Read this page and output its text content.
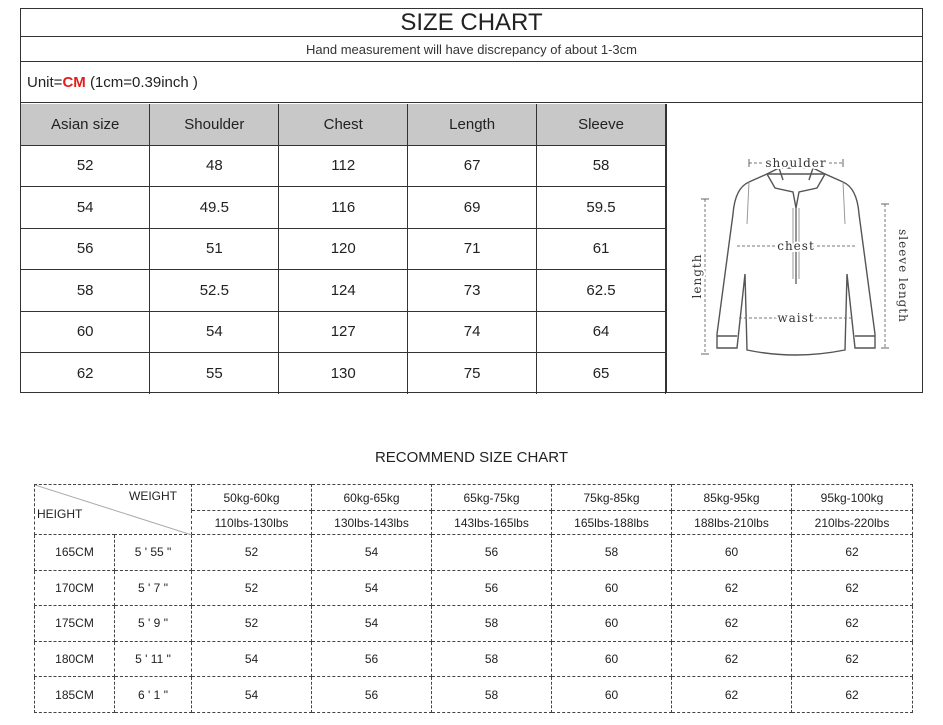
SIZE CHART
Hand measurement will have discrepancy of about 1-3cm
Unit=CM (1cm=0.39inch )
Asian size	Shoulder	Chest	Length	Sleeve
52	48	112	67	58
54	49.5	116	69	59.5
56	51	120	71	61
58	52.5	124	73	62.5
60	54	127	74	64
62	55	130	75	65
shoulder
chest
waist
length	sleeve length
RECOMMEND SIZE CHART
WEIGHT
HEIGHT		50kg-60kg	60kg-65kg	65kg-75kg	75kg-85kg	85kg-95kg	95kg-100kg
		110lbs-130lbs	130lbs-143lbs	143lbs-165lbs	165lbs-188lbs	188lbs-210lbs	210lbs-220lbs
165CM	5 ' 55 "	52	54	56	58	60	62
170CM	5 ' 7 "	52	54	56	60	62	62
175CM	5 ' 9 "	52	54	58	60	62	62
180CM	5 ' 11 "	54	56	58	60	62	62
185CM	6 ' 1 "	54	56	58	60	62	62
